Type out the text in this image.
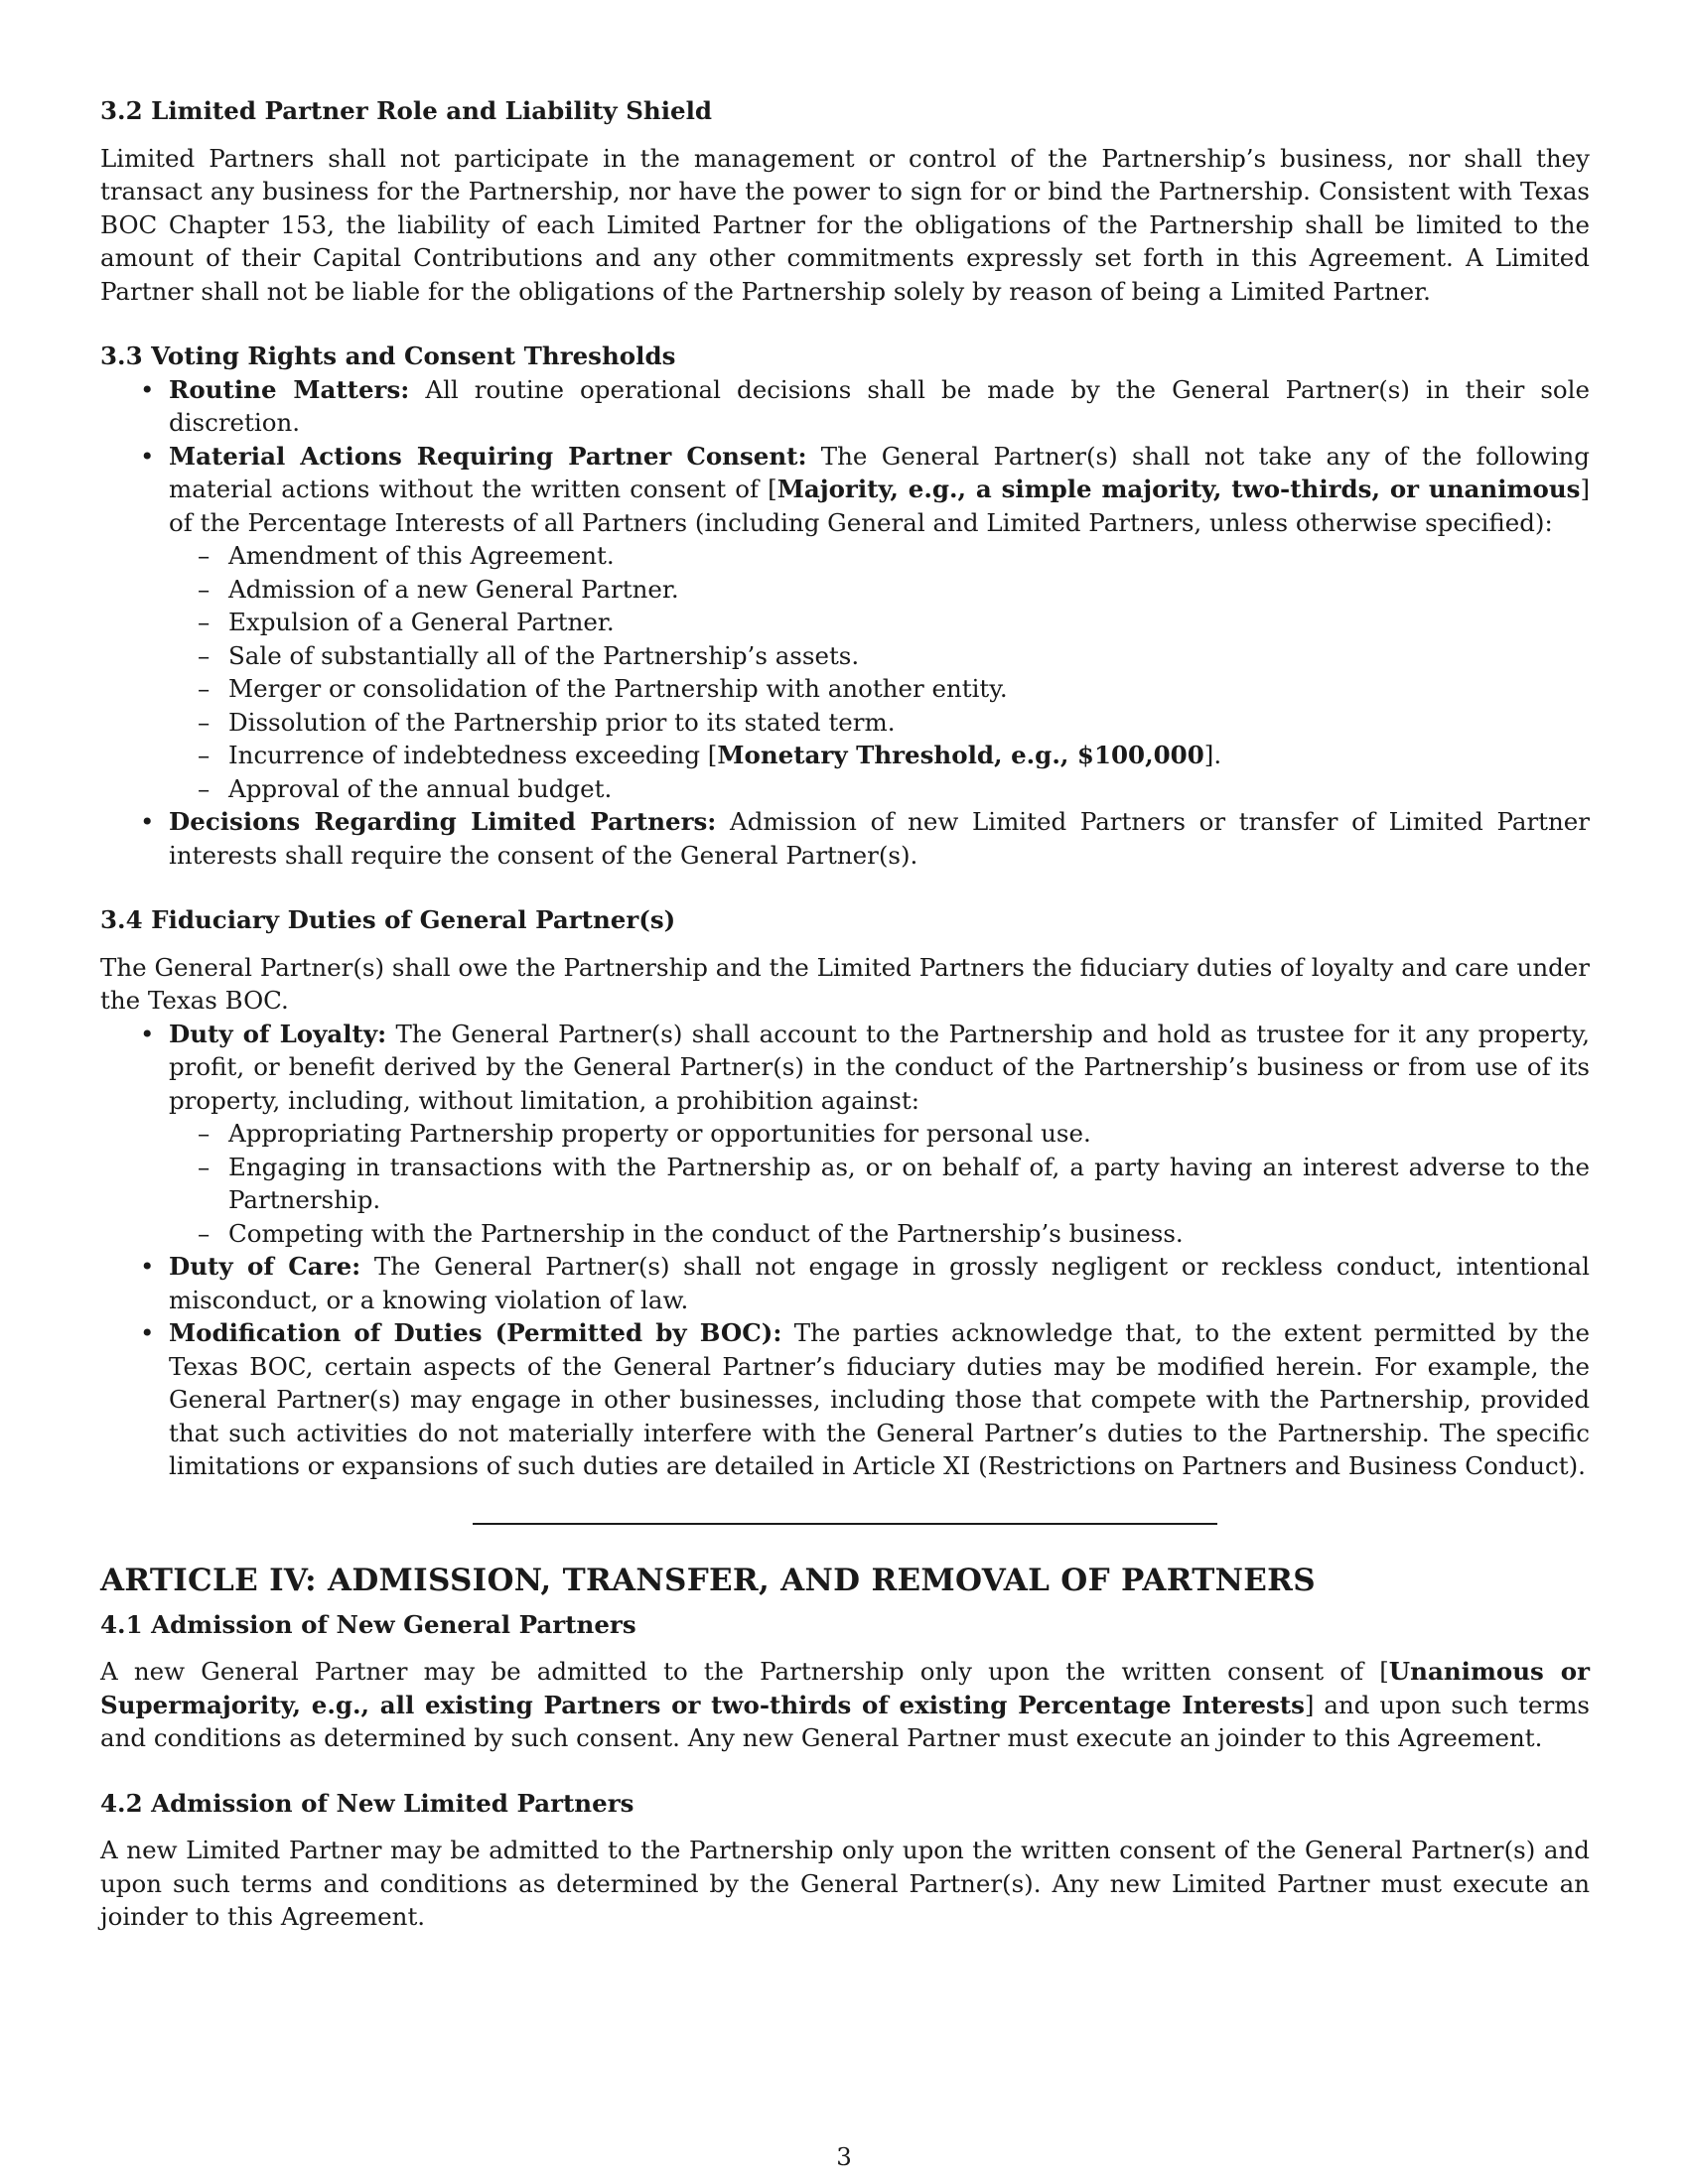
3.2 Limited Partner Role and Liability Shield

Limited Partners shall not participate in the management or control of the Partnership’s business, nor shall they transact any business for the Partnership, nor have the power to sign for or bind the Partnership. Consistent with Texas BOC Chapter 153, the liability of each Limited Partner for the obligations of the Partnership shall be limited to the amount of their Capital Contributions and any other commitments expressly set forth in this Agreement. A Limited Partner shall not be liable for the obligations of the Partnership solely by reason of being a Limited Partner.

3.3 Voting Rights and Consent Thresholds
• Routine Matters: All routine operational decisions shall be made by the General Partner(s) in their sole discretion.
• Material Actions Requiring Partner Consent: The General Partner(s) shall not take any of the following material actions without the written consent of [Majority, e.g., a simple majority, two-thirds, or unanimous] of the Percentage Interests of all Partners (including General and Limited Partners, unless otherwise specified):
– Amendment of this Agreement.
– Admission of a new General Partner.
– Expulsion of a General Partner.
– Sale of substantially all of the Partnership’s assets.
– Merger or consolidation of the Partnership with another entity.
– Dissolution of the Partnership prior to its stated term.
– Incurrence of indebtedness exceeding [Monetary Threshold, e.g., $100,000].
– Approval of the annual budget.
• Decisions Regarding Limited Partners: Admission of new Limited Partners or transfer of Limited Partner interests shall require the consent of the General Partner(s).
3.4 Fiduciary Duties of General Partner(s)

The General Partner(s) shall owe the Partnership and the Limited Partners the fiduciary duties of loyalty and care under the Texas BOC.

• Duty of Loyalty: The General Partner(s) shall account to the Partnership and hold as trustee for it any property, profit, or benefit derived by the General Partner(s) in the conduct of the Partnership’s business or from use of its property, including, without limitation, a prohibition against:
– Appropriating Partnership property or opportunities for personal use.
– Engaging in transactions with the Partnership as, or on behalf of, a party having an interest adverse to the Partnership.
– Competing with the Partnership in the conduct of the Partnership’s business.
• Duty of Care: The General Partner(s) shall not engage in grossly negligent or reckless conduct, intentional misconduct, or a knowing violation of law.
• Modification of Duties (Permitted by BOC): The parties acknowledge that, to the extent permitted by the Texas BOC, certain aspects of the General Partner’s fiduciary duties may be modified herein. For example, the General Partner(s) may engage in other businesses, including those that compete with the Partnership, provided that such activities do not materially interfere with the General Partner’s duties to the Partnership. The specific limitations or expansions of such duties are detailed in Article XI (Restrictions on Partners and Business Conduct).
ARTICLE IV: ADMISSION, TRANSFER, AND REMOVAL OF PARTNERS
4.1 Admission of New General Partners

A new General Partner may be admitted to the Partnership only upon the written consent of [Unanimous or Supermajority, e.g., all existing Partners or two-thirds of existing Percentage Interests] and upon such terms and conditions as determined by such consent. Any new General Partner must execute an joinder to this Agreement.

4.2 Admission of New Limited Partners

A new Limited Partner may be admitted to the Partnership only upon the written consent of the General Partner(s) and upon such terms and conditions as determined by the General Partner(s). Any new Limited Partner must execute an joinder to this Agreement.

3
